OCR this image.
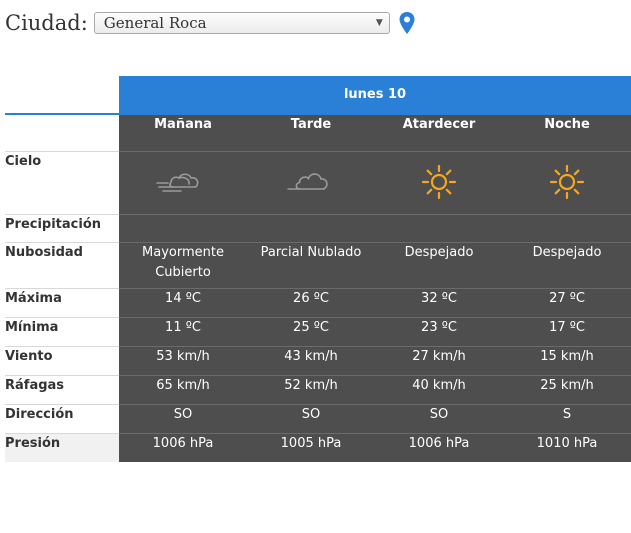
Ciudad: General Roca	▼
	lunes 10			
	Mañana	Tarde	Atardecer	Noche
Cielo				
Precipitación				
Nubosidad	Mayormente Cubierto	Parcial Nublado	Despejado	Despejado
Máxima	14 ºC	26 ºC	32 ºC	27 ºC
Mínima	11 ºC	25 ºC	23 ºC	17 ºC
Viento	53 km/h	43 km/h	27 km/h	15 km/h
Ráfagas	65 km/h	52 km/h	40 km/h	25 km/h
Dirección	SO	SO	SO	S
Presión	1006 hPa	1005 hPa	1006 hPa	1010 hPa
